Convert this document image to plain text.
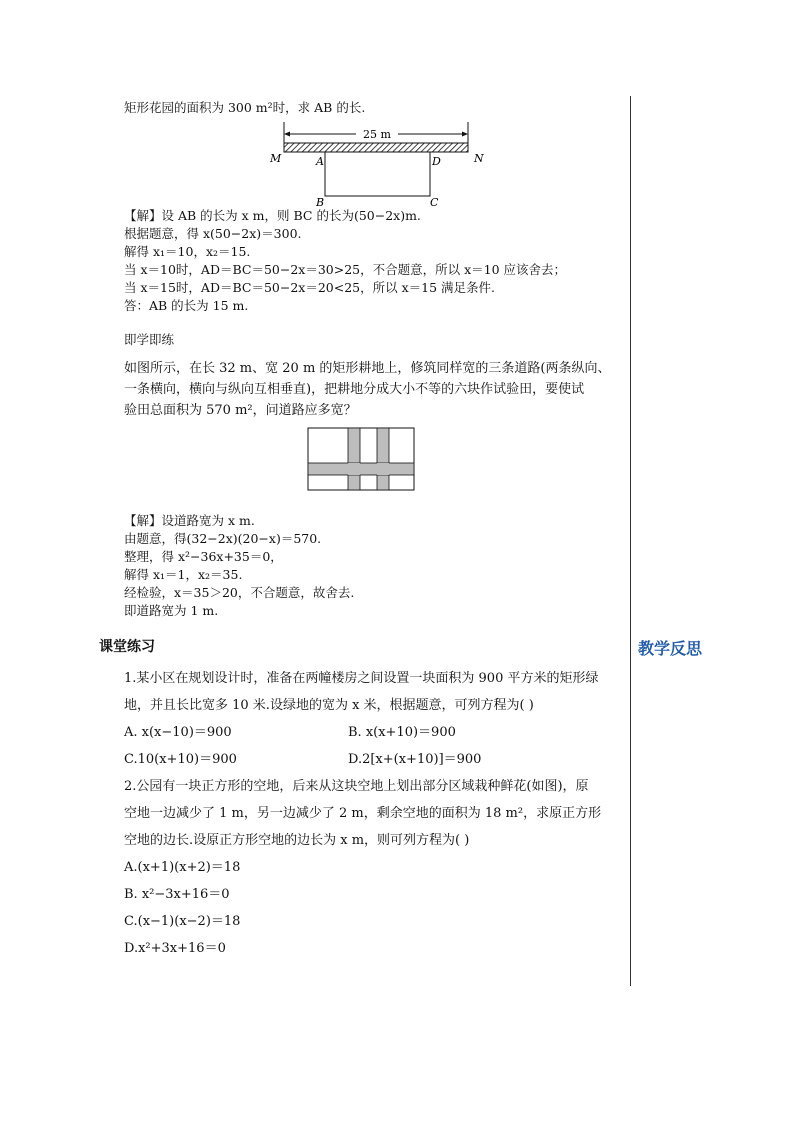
矩形花园的面积为 300 m²时，求 AB 的长.
25 m
M	A	D	N
B	C
【解】设 AB 的长为 x m，则 BC 的长为(50−2x)m.
根据题意，得 x(50−2x)＝300.
解得 x₁＝10，x₂＝15.
当 x＝10时，AD＝BC＝50−2x＝30>25，不合题意，所以 x＝10 应该舍去；
当 x＝15时，AD＝BC＝50−2x＝20<25，所以 x＝15 满足条件.
答：AB 的长为 15 m.
即学即练
如图所示，在长 32 m、宽 20 m 的矩形耕地上，修筑同样宽的三条道路(两条纵向、
一条横向，横向与纵向互相垂直)，把耕地分成大小不等的六块作试验田，要使试
验田总面积为 570 m²，问道路应多宽？
【解】设道路宽为 x m.
由题意，得(32−2x)(20−x)＝570.
整理，得 x²−36x+35＝0，
解得 x₁＝1，x₂＝35.
经检验，x＝35＞20，不合题意，故舍去.
即道路宽为 1 m.
课堂练习	教学反思
1.某小区在规划设计时，准备在两幢楼房之间设置一块面积为 900 平方米的矩形绿
地，并且长比宽多 10 米.设绿地的宽为 x 米，根据题意，可列方程为( )
A. x(x−10)＝900	B. x(x+10)＝900
C.10(x+10)＝900	D.2[x+(x+10)]＝900
2.公园有一块正方形的空地，后来从这块空地上划出部分区域栽种鲜花(如图)，原
空地一边减少了 1 m，另一边减少了 2 m，剩余空地的面积为 18 m²，求原正方形
空地的边长.设原正方形空地的边长为 x m，则可列方程为( )
A.(x+1)(x+2)＝18
B. x²−3x+16＝0
C.(x−1)(x−2)＝18
D.x²+3x+16＝0
